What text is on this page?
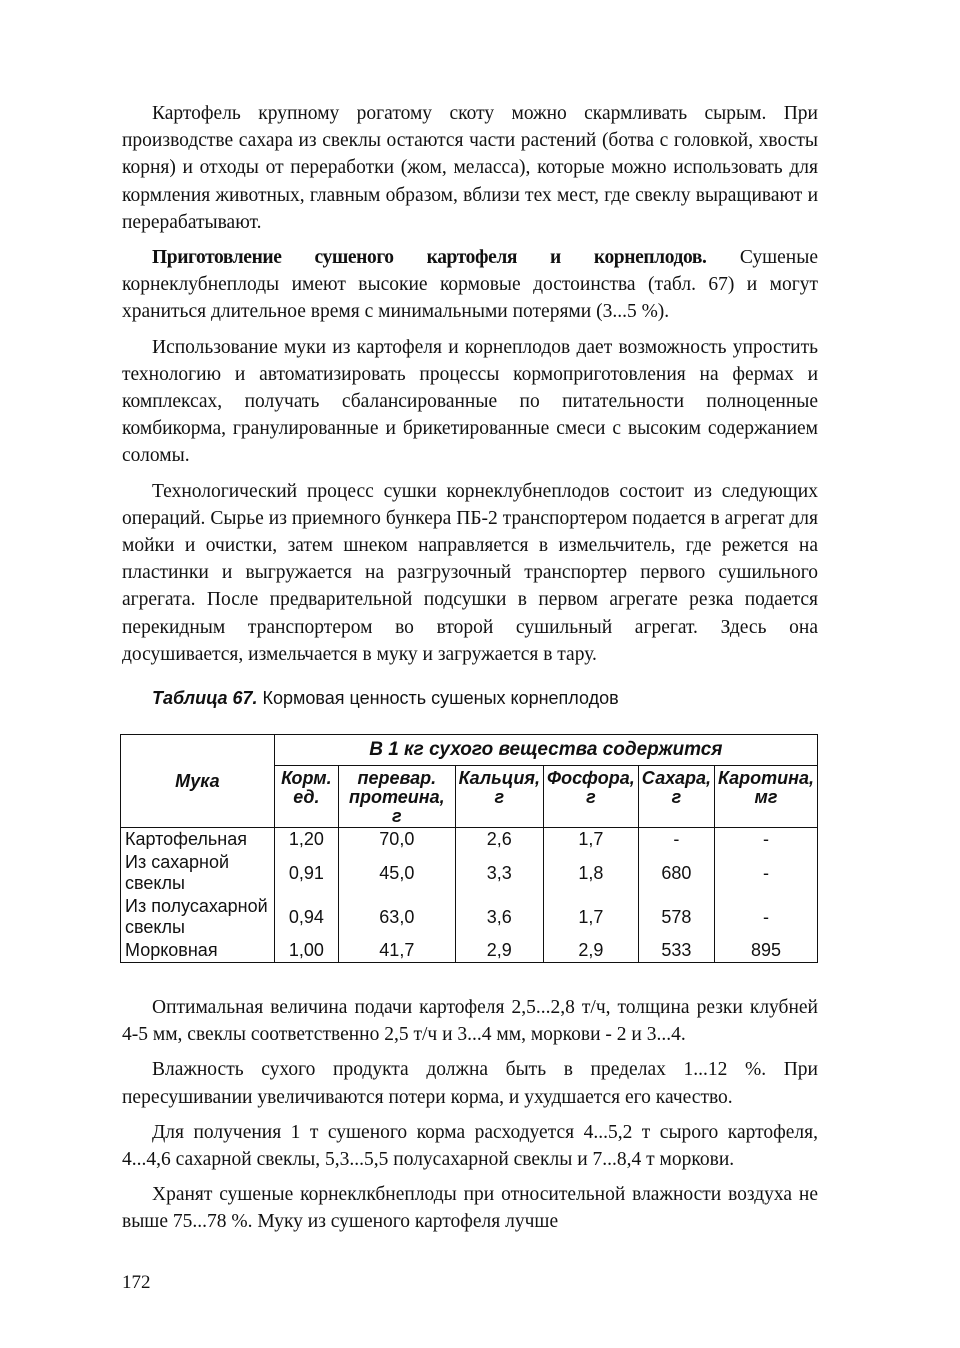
Картофель крупному рогатому скоту можно скармливать сырым. При производстве сахара из свеклы остаются части растений (ботва с головкой, хвосты корня) и отходы от переработки (жом, меласса), которые можно использовать для кормления животных, главным образом, вблизи тех мест, где свеклу выращивают и перерабатывают.

Приготовление сушеного картофеля и корнеплодов. Сушеные корнеклубнеплоды имеют высокие кормовые достоинства (табл. 67) и могут храниться длительное время с минимальными потерями (3...5 %).

Использование муки из картофеля и корнеплодов дает возможность упростить технологию и автоматизировать процессы кормоприготовления на фермах и комплексах, получать сбалансированные по питательности полноценные комбикорма, гранулированные и брикетированные смеси с высоким содержанием соломы.

Технологический процесс сушки корнеклубнеплодов состоит из следующих операций. Сырье из приемного бункера ПБ-2 транспортером подается в агрегат для мойки и очистки, затем шнеком направляется в измельчитель, где режется на пластинки и выгружается на разгрузочный транспортер первого сушильного агрегата. После предварительной подсушки в первом агрегате резка подается перекидным транспортером во второй сушильный агрегат. Здесь она досушивается, измельчается в муку и загружается в тару.

Таблица 67. Кормовая ценность сушеных корнеплодов
Мука	В 1 кг сухого вещества содержится					
	Корм. ед.	перевар. протеина, г	Кальция, г	Фосфора, г	Сахара, г	Каротина, мг
Картофельная	1,20	70,0	2,6	1,7	-	-
Из сахарной свеклы	0,91	45,0	3,3	1,8	680	-
Из полусахарной свеклы	0,94	63,0	3,6	1,7	578	-
Морковная	1,00	41,7	2,9	2,9	533	895

Оптимальная величина подачи картофеля 2,5...2,8 т/ч, толщина резки клубней 4-5 мм, свеклы соответственно 2,5 т/ч и 3...4 мм, моркови - 2 и 3...4.

Влажность сухого продукта должна быть в пределах 1...12 %. При пересушивании увеличиваются потери корма, и ухудшается его качество.

Для получения 1 т сушеного корма расходуется 4...5,2 т сырого картофеля, 4...4,6 сахарной свеклы, 5,3...5,5 полусахарной свеклы и 7...8,4 т моркови.

Хранят сушеные корнеклкбнеплоды при относительной влажности воздуха не выше 75...78 %. Муку из сушеного картофеля лучше

172
